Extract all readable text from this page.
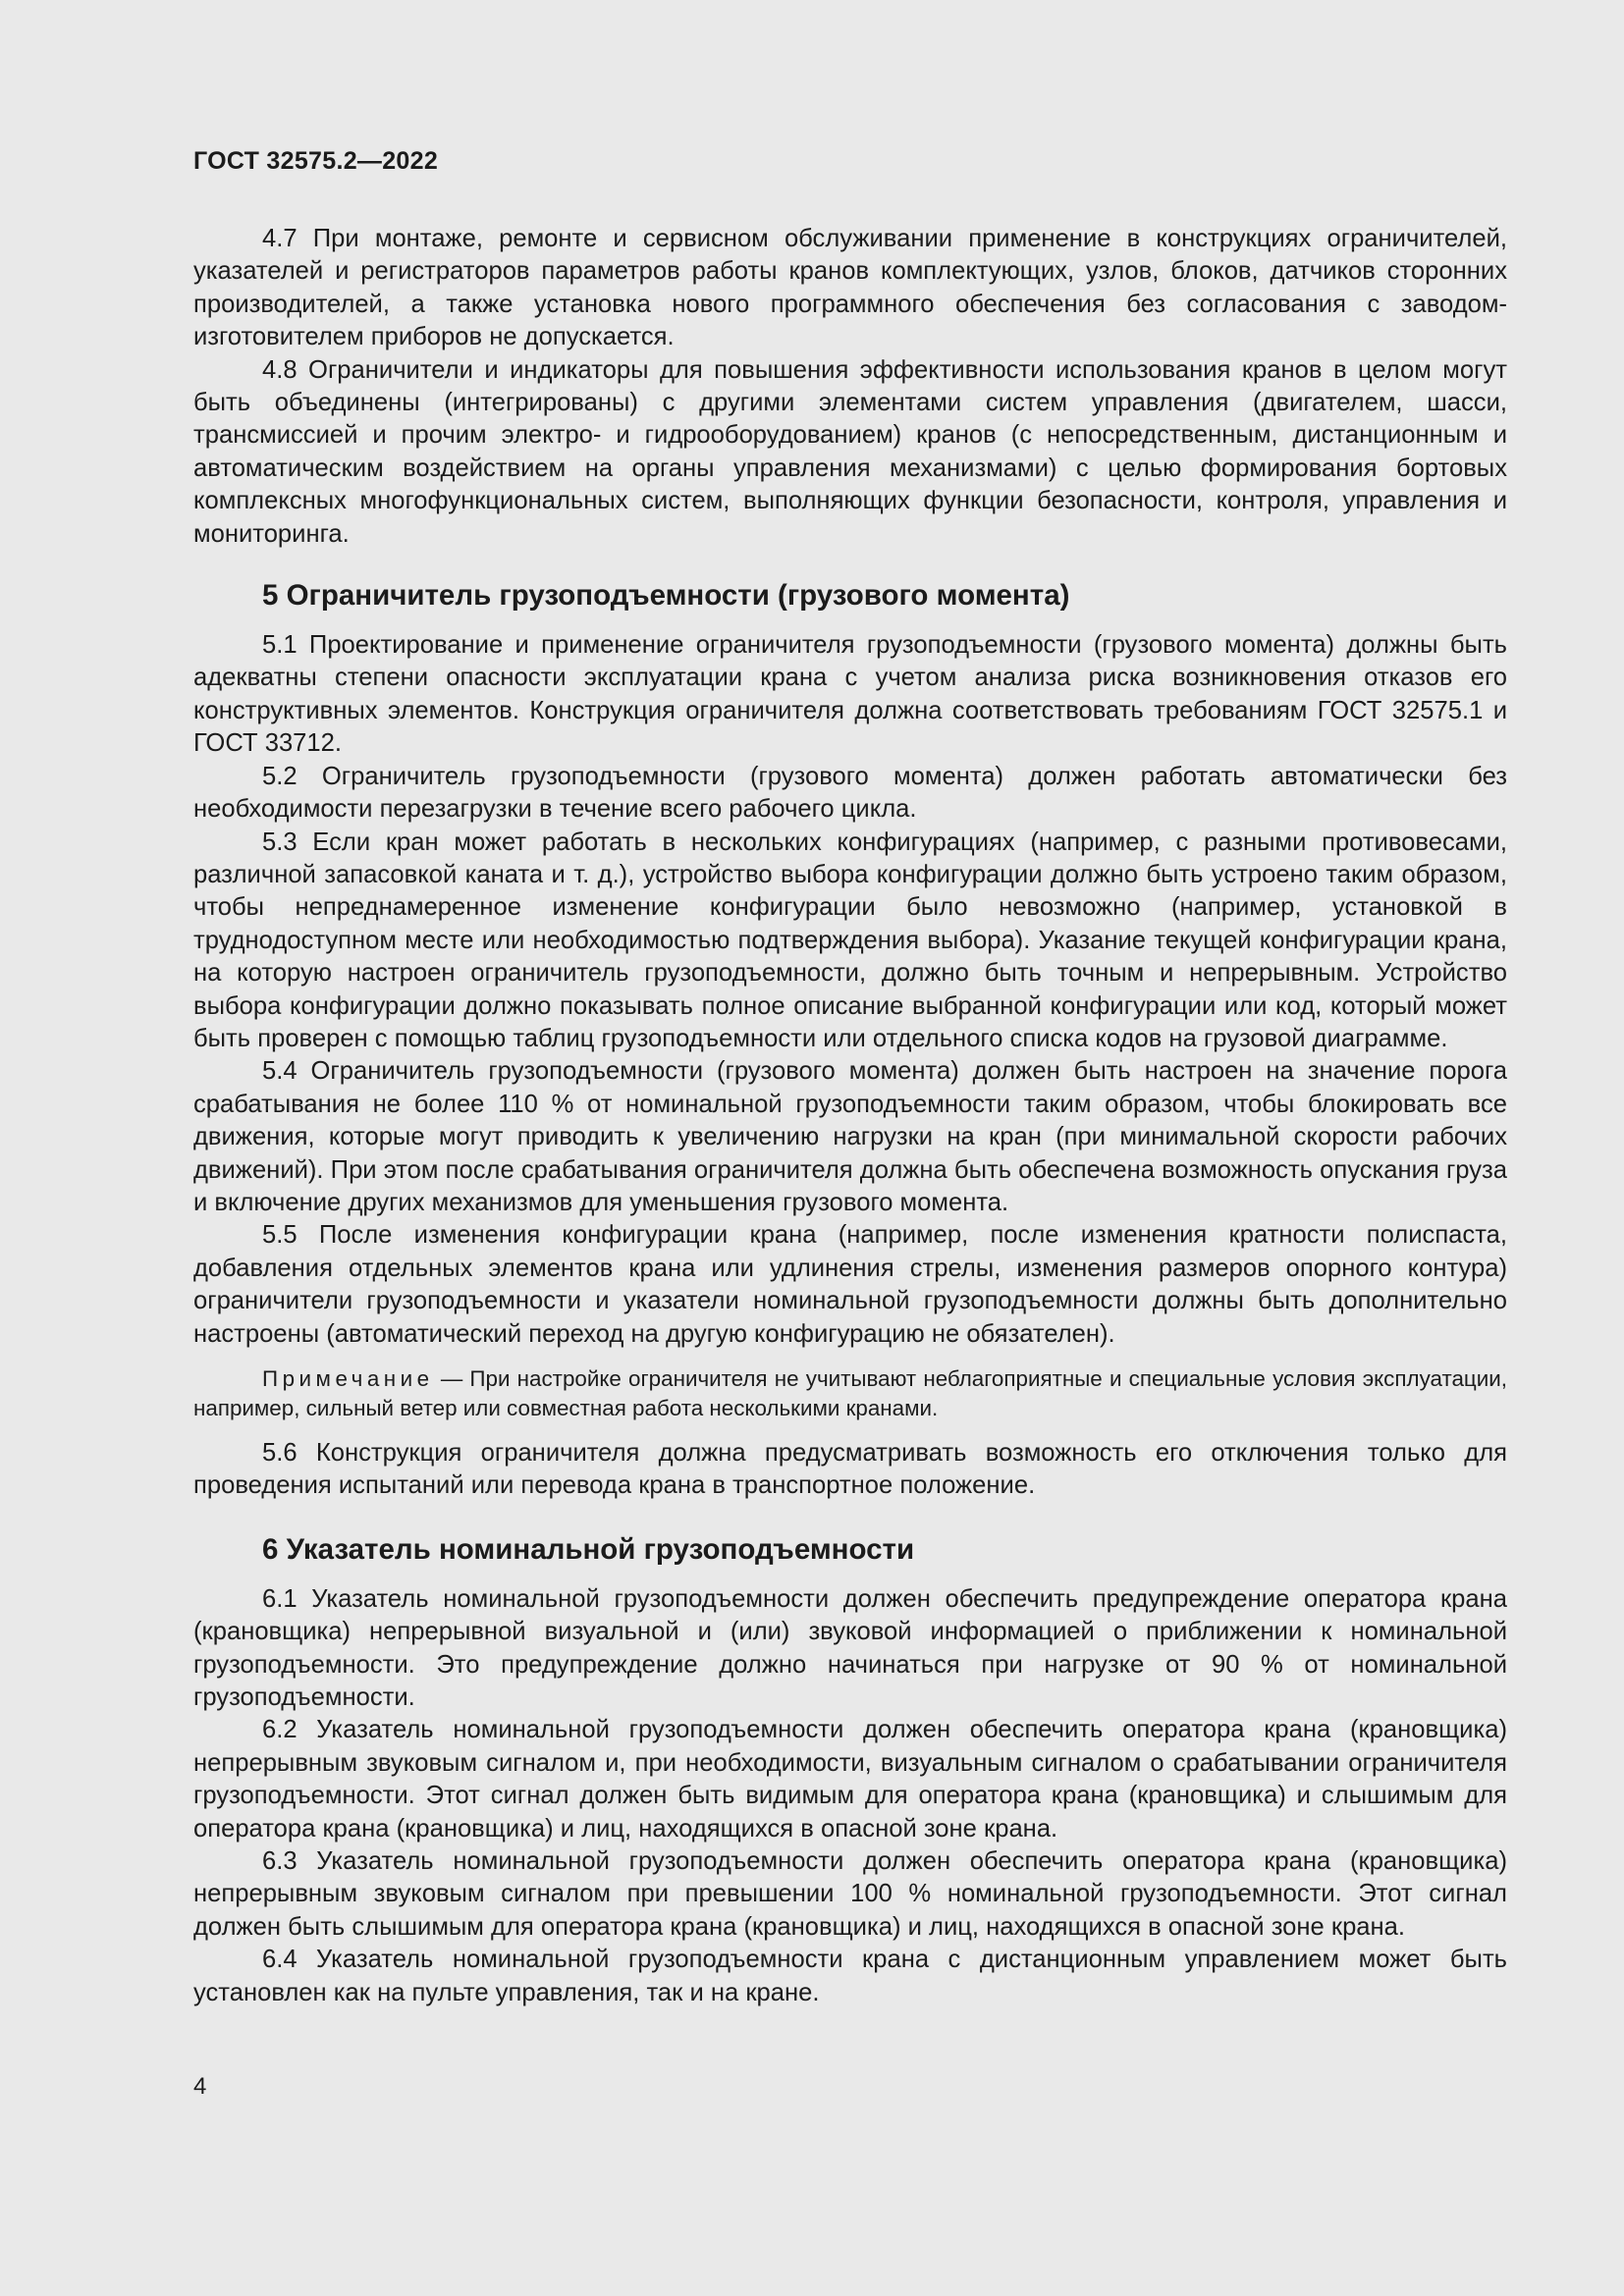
ГОСТ 32575.2—2022

4.7 При монтаже, ремонте и сервисном обслуживании применение в конструкциях ограничителей, указателей и регистраторов параметров работы кранов комплектующих, узлов, блоков, датчиков сторонних производителей, а также установка нового программного обеспечения без согласования с заводом-изготовителем приборов не допускается.

4.8 Ограничители и индикаторы для повышения эффективности использования кранов в целом могут быть объединены (интегрированы) с другими элементами систем управления (двигателем, шасси, трансмиссией и прочим электро- и гидрооборудованием) кранов (с непосредственным, дистанционным и автоматическим воздействием на органы управления механизмами) с целью формирования бортовых комплексных многофункциональных систем, выполняющих функции безопасности, контроля, управления и мониторинга.

5 Ограничитель грузоподъемности (грузового момента)

5.1 Проектирование и применение ограничителя грузоподъемности (грузового момента) должны быть адекватны степени опасности эксплуатации крана с учетом анализа риска возникновения отказов его конструктивных элементов. Конструкция ограничителя должна соответствовать требованиям ГОСТ 32575.1 и ГОСТ 33712.

5.2 Ограничитель грузоподъемности (грузового момента) должен работать автоматически без необходимости перезагрузки в течение всего рабочего цикла.

5.3 Если кран может работать в нескольких конфигурациях (например, с разными противовесами, различной запасовкой каната и т. д.), устройство выбора конфигурации должно быть устроено таким образом, чтобы непреднамеренное изменение конфигурации было невозможно (например, установкой в труднодоступном месте или необходимостью подтверждения выбора). Указание текущей конфигурации крана, на которую настроен ограничитель грузоподъемности, должно быть точным и непрерывным. Устройство выбора конфигурации должно показывать полное описание выбранной конфигурации или код, который может быть проверен с помощью таблиц грузоподъемности или отдельного списка кодов на грузовой диаграмме.

5.4 Ограничитель грузоподъемности (грузового момента) должен быть настроен на значение порога срабатывания не более 110 % от номинальной грузоподъемности таким образом, чтобы блокировать все движения, которые могут приводить к увеличению нагрузки на кран (при минимальной скорости рабочих движений). При этом после срабатывания ограничителя должна быть обеспечена возможность опускания груза и включение других механизмов для уменьшения грузового момента.

5.5 После изменения конфигурации крана (например, после изменения кратности полиспаста, добавления отдельных элементов крана или удлинения стрелы, изменения размеров опорного контура) ограничители грузоподъемности и указатели номинальной грузоподъемности должны быть дополнительно настроены (автоматический переход на другую конфигурацию не обязателен).

Примечание — При настройке ограничителя не учитывают неблагоприятные и специальные условия эксплуатации, например, сильный ветер или совместная работа несколькими кранами.

5.6 Конструкция ограничителя должна предусматривать возможность его отключения только для проведения испытаний или перевода крана в транспортное положение.

6 Указатель номинальной грузоподъемности

6.1 Указатель номинальной грузоподъемности должен обеспечить предупреждение оператора крана (крановщика) непрерывной визуальной и (или) звуковой информацией о приближении к номинальной грузоподъемности. Это предупреждение должно начинаться при нагрузке от 90 % от номинальной грузоподъемности.

6.2 Указатель номинальной грузоподъемности должен обеспечить оператора крана (крановщика) непрерывным звуковым сигналом и, при необходимости, визуальным сигналом о срабатывании ограничителя грузоподъемности. Этот сигнал должен быть видимым для оператора крана (крановщика) и слышимым для оператора крана (крановщика) и лиц, находящихся в опасной зоне крана.

6.3 Указатель номинальной грузоподъемности должен обеспечить оператора крана (крановщика) непрерывным звуковым сигналом при превышении 100 % номинальной грузоподъемности. Этот сигнал должен быть слышимым для оператора крана (крановщика) и лиц, находящихся в опасной зоне крана.

6.4 Указатель номинальной грузоподъемности крана с дистанционным управлением может быть установлен как на пульте управления, так и на кране.

4
